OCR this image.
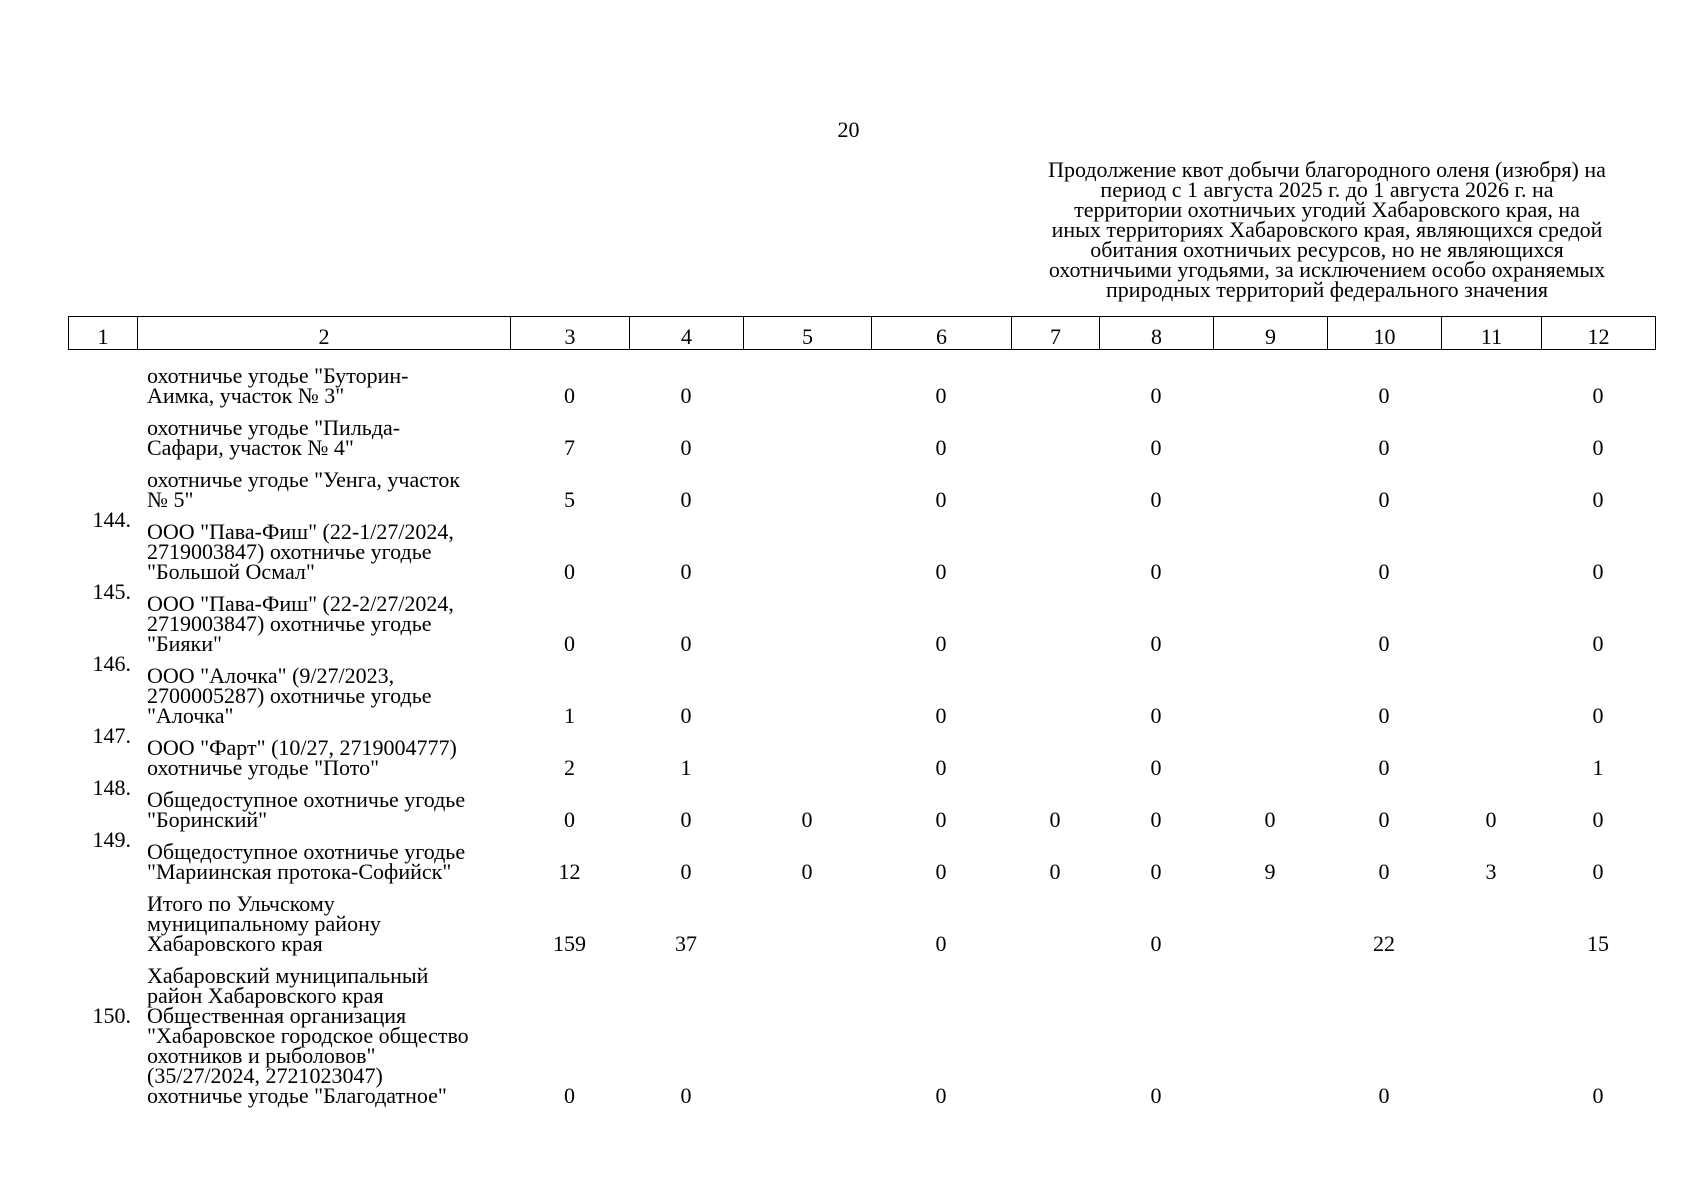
20
Продолжение квот добычи благородного оленя (изюбря) на
период с 1 августа 2025 г. до 1 августа 2026 г. на
территории охотничьих угодий Хабаровского края, на
иных территориях Хабаровского края, являющихся средой
обитания охотничьих ресурсов, но не являющихся
охотничьими угодьями, за исключением особо охраняемых
природных территорий федерального значения
1	2	3	4	5	6	7	8	9	10	11	12

	охотничье угодье "Буторин-
Аимка, участок № 3"	0	0		0		0		0		0

	охотничье угодье "Пильда-
Сафари, участок № 4"	7	0		0		0		0		0

	охотничье угодье "Уенга, участок
№ 5"	5	0		0		0		0		0
144.	ООО "Пава-Фиш" (22-1/27/2024,
2719003847) охотничье угодье
"Большой Осмал"	0	0		0		0		0		0
145.	ООО "Пава-Фиш" (22-2/27/2024,
2719003847) охотничье угодье
"Бияки"	0	0		0		0		0		0
146.	ООО "Алочка" (9/27/2023,
2700005287) охотничье угодье
"Алочка"	1	0		0		0		0		0
147.	ООО "Фарт" (10/27, 2719004777)
охотничье угодье "Пото"	2	1		0		0		0		1
148.	Общедоступное охотничье угодье
"Боринский"	0	0	0	0	0	0	0	0	0	0
149.	Общедоступное охотничье угодье
"Мариинская протока-Софийск"	12	0	0	0	0	0	9	0	3	0

	Итого по Ульчскому
муниципальному району
Хабаровского края	159	37		0		0		22		15

	Хабаровский муниципальный
район Хабаровского края										

150.	Общественная организация
"Хабаровское городское общество
охотников и рыболовов"
(35/27/2024, 2721023047)
охотничье угодье "Благодатное"	0	0		0		0		0		0
